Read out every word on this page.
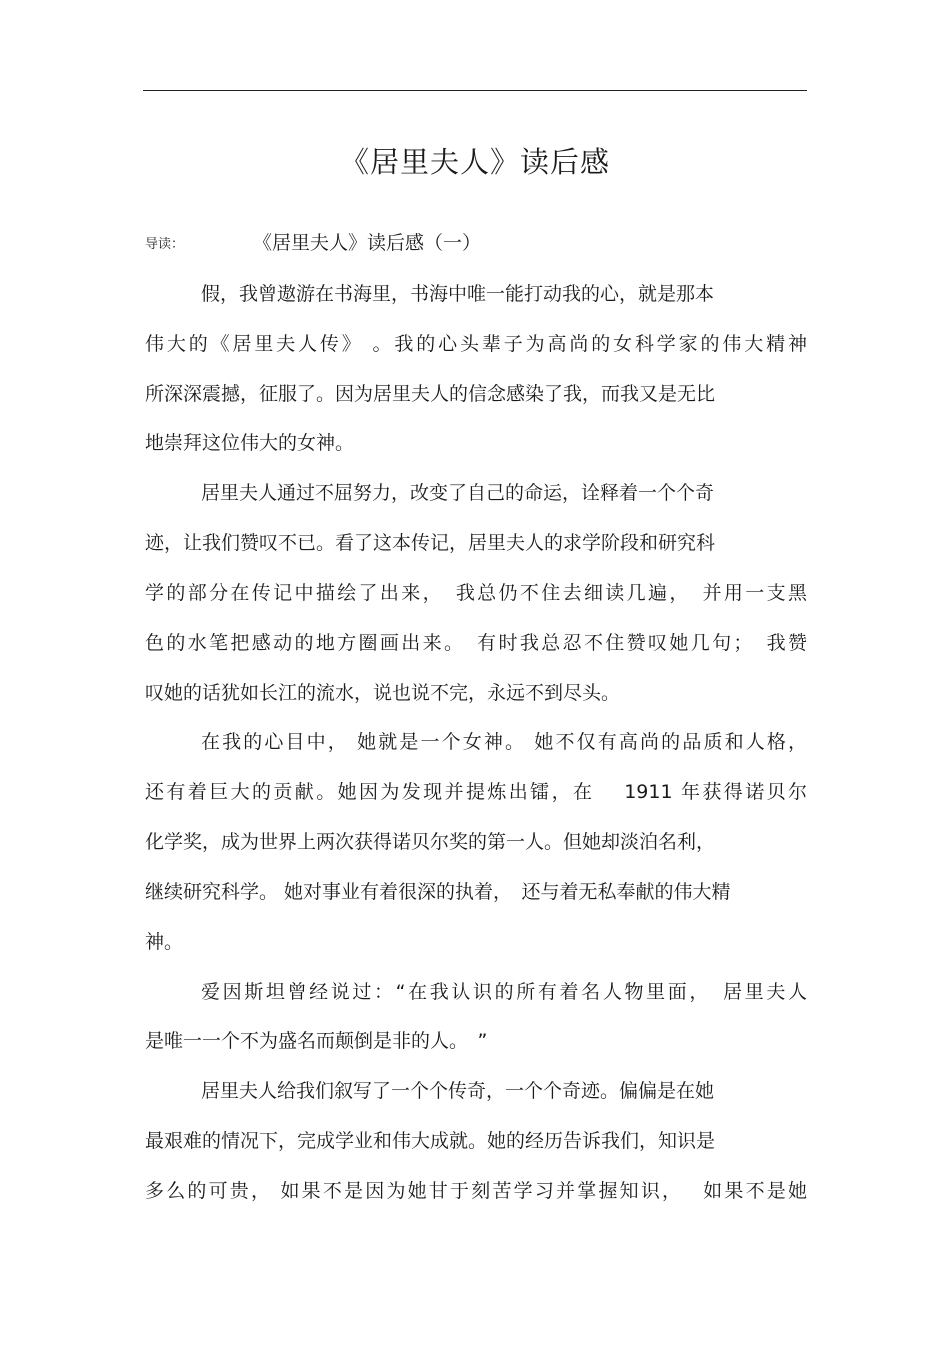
《居里夫人》读后感
导读：	《居里夫人》读后感（一）
假，我曾遨游在书海里，书海中唯一能打动我的心，就是那本
伟大的《居里夫人传》 。我的心头辈子为高尚的女科学家的伟大精神
所深深震撼，征服了。因为居里夫人的信念感染了我，而我又是无比
地崇拜这位伟大的女神。
居里夫人通过不屈努力，改变了自己的命运，诠释着一个个奇
迹，让我们赞叹不已。看了这本传记，居里夫人的求学阶段和研究科
学的部分在传记中描绘了出来，　我总仍不住去细读几遍，　并用一支黑
色的水笔把感动的地方圈画出来。　有时我总忍不住赞叹她几句；　我赞
叹她的话犹如长江的流水，说也说不完，永远不到尽头。
在我的心目中， 她就是一个女神。 她不仅有高尚的品质和人格，
还有着巨大的贡献。她因为发现并提炼出镭，在　 1911 年获得诺贝尔
化学奖，成为世界上两次获得诺贝尔奖的第一人。但她却淡泊名利，
继续研究科学。 她对事业有着很深的执着，　还与着无私奉献的伟大精
神。
爱因斯坦曾经说过：“在我认识的所有着名人物里面，　居里夫人
是唯一一个不为盛名而颠倒是非的人。　”
居里夫人给我们叙写了一个个传奇，一个个奇迹。偏偏是在她
最艰难的情况下，完成学业和伟大成就。她的经历告诉我们，知识是
多么的可贵， 如果不是因为她甘于刻苦学习并掌握知识，　 如果不是她
